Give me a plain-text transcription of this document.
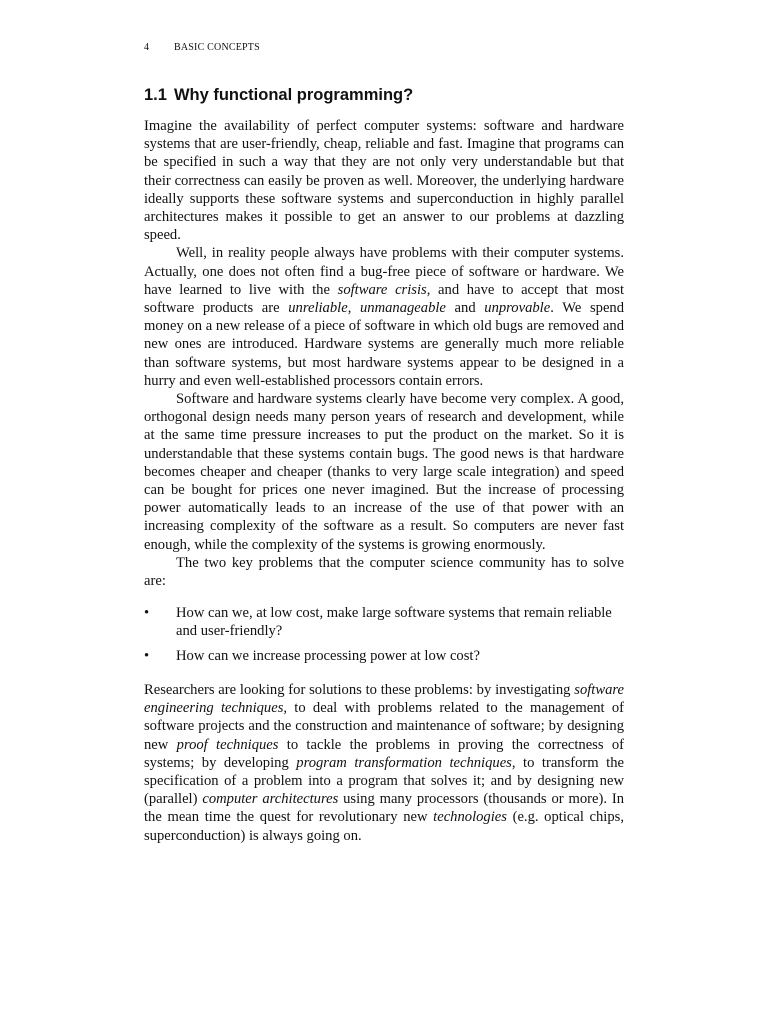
4 BASIC CONCEPTS
1.1 Why functional programming?

Imagine the availability of perfect computer systems: software and hardware systems that are user-friendly, cheap, reliable and fast. Imagine that programs can be specified in such a way that they are not only very understandable but that their correctness can easily be proven as well. Moreover, the underlying hardware ideally supports these software systems and superconduction in highly parallel architectures makes it possible to get an answer to our problems at dazzling speed.

Well, in reality people always have problems with their computer systems. Actually, one does not often find a bug-free piece of software or hardware. We have learned to live with the software crisis, and have to accept that most software products are unreliable, unmanageable and unprovable. We spend money on a new release of a piece of software in which old bugs are removed and new ones are introduced. Hardware systems are generally much more reliable than software systems, but most hardware systems appear to be designed in a hurry and even well-established processors contain errors.

Software and hardware systems clearly have become very complex. A good, orthogonal design needs many person years of research and development, while at the same time pressure increases to put the product on the market. So it is understandable that these systems contain bugs. The good news is that hardware becomes cheaper and cheaper (thanks to very large scale integration) and speed can be bought for prices one never imagined. But the increase of processing power automatically leads to an increase of the use of that power with an increasing complexity of the software as a result. So computers are never fast enough, while the complexity of the systems is growing enormously.

The two key problems that the computer science community has to solve are:

• How can we, at low cost, make large software systems that remain reliable and user-friendly?
• How can we increase processing power at low cost?

Researchers are looking for solutions to these problems: by investigating software engineering techniques, to deal with problems related to the management of software projects and the construction and maintenance of software; by designing new proof techniques to tackle the problems in proving the correctness of systems; by developing program transformation techniques, to transform the specification of a problem into a program that solves it; and by designing new (parallel) computer architectures using many processors (thousands or more). In the mean time the quest for revolutionary new technologies (e.g. optical chips, superconduction) is always going on.
